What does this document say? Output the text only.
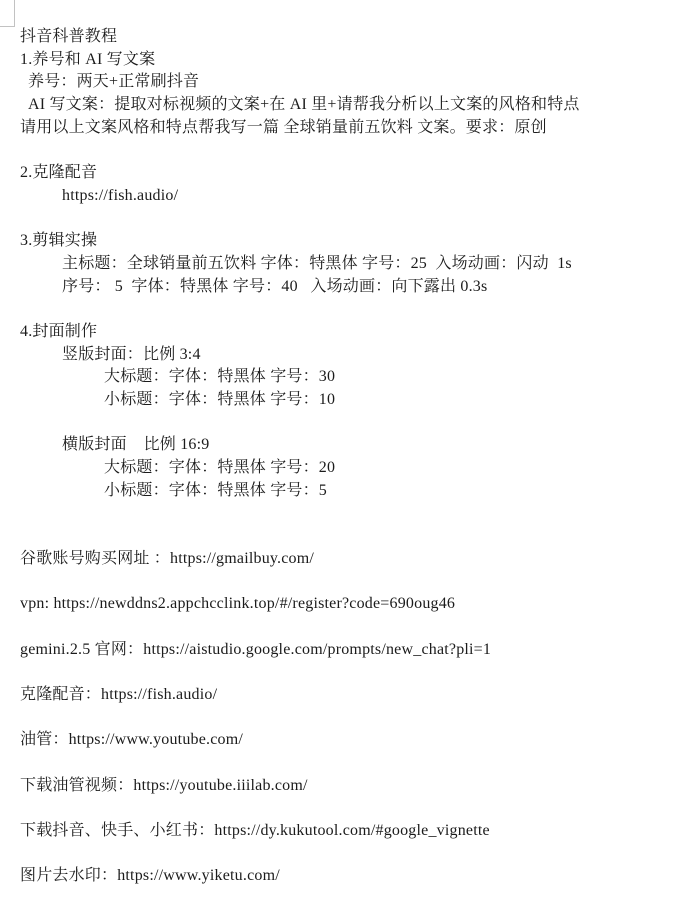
抖音科普教程
1.养号和 AI 写文案
养号：两天+正常刷抖音
AI 写文案：提取对标视频的文案+在 AI 里+请帮我分析以上文案的风格和特点
请用以上文案风格和特点帮我写一篇 全球销量前五饮料 文案。要求：原创
2.克隆配音
https://fish.audio/
3.剪辑实操
主标题：全球销量前五饮料 字体：特黑体 字号：25  入场动画：闪动  1s
序号： 5  字体：特黑体 字号：40   入场动画：向下露出 0.3s
4.封面制作
竖版封面：比例 3:4
大标题：字体：特黑体 字号：30
小标题：字体：特黑体 字号：10
横版封面    比例 16:9
大标题：字体：特黑体 字号：20
小标题：字体：特黑体 字号：5
谷歌账号购买网址 ：https://gmailbuy.com/
vpn: https://newddns2.appchcclink.top/#/register?code=690oug46
gemini.2.5 官网：https://aistudio.google.com/prompts/new_chat?pli=1
克隆配音：https://fish.audio/
油管：https://www.youtube.com/
下载油管视频：https://youtube.iiilab.com/
下载抖音、快手、小红书：https://dy.kukutool.com/#google_vignette
图片去水印：https://www.yiketu.com/
